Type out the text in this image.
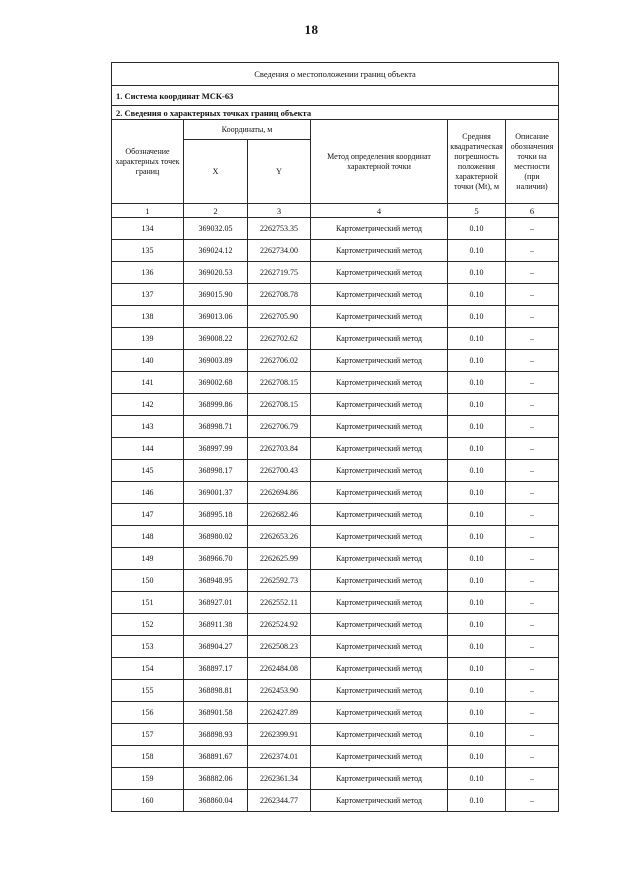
18
Сведения о местоположении границ объекта					
1. Система координат МСК-63					
2. Сведения о характерных точках границ объекта					
Обозначение характерных точек границ	Координаты, м		Метод определения координат характерной точки	Средняя квадратическая погрешность положения характерной точки (Мt), м	Описание обозначения точки на местности (при наличии)
	X	Y			
1	2	3	4	5	6
134	369032.05	2262753.35	Картометрический метод	0.10	–
135	369024.12	2262734.00	Картометрический метод	0.10	–
136	369020.53	2262719.75	Картометрический метод	0.10	–
137	369015.90	2262708.78	Картометрический метод	0.10	–
138	369013.06	2262705.90	Картометрический метод	0.10	–
139	369008.22	2262702.62	Картометрический метод	0.10	–
140	369003.89	2262706.02	Картометрический метод	0.10	–
141	369002.68	2262708.15	Картометрический метод	0.10	–
142	368999.86	2262708.15	Картометрический метод	0.10	–
143	368998.71	2262706.79	Картометрический метод	0.10	–
144	368997.99	2262703.84	Картометрический метод	0.10	–
145	368998.17	2262700.43	Картометрический метод	0.10	–
146	369001.37	2262694.86	Картометрический метод	0.10	–
147	368995.18	2262682.46	Картометрический метод	0.10	–
148	368980.02	2262653.26	Картометрический метод	0.10	–
149	368966.70	2262625.99	Картометрический метод	0.10	–
150	368948.95	2262592.73	Картометрический метод	0.10	–
151	368927.01	2262552.11	Картометрический метод	0.10	–
152	368911.38	2262524.92	Картометрический метод	0.10	–
153	368904.27	2262508.23	Картометрический метод	0.10	–
154	368897.17	2262484.08	Картометрический метод	0.10	–
155	368898.81	2262453.90	Картометрический метод	0.10	–
156	368901.58	2262427.89	Картометрический метод	0.10	–
157	368898.93	2262399.91	Картометрический метод	0.10	–
158	368891.67	2262374.01	Картометрический метод	0.10	–
159	368882.06	2262361.34	Картометрический метод	0.10	–
160	368860.04	2262344.77	Картометрический метод	0.10	–
